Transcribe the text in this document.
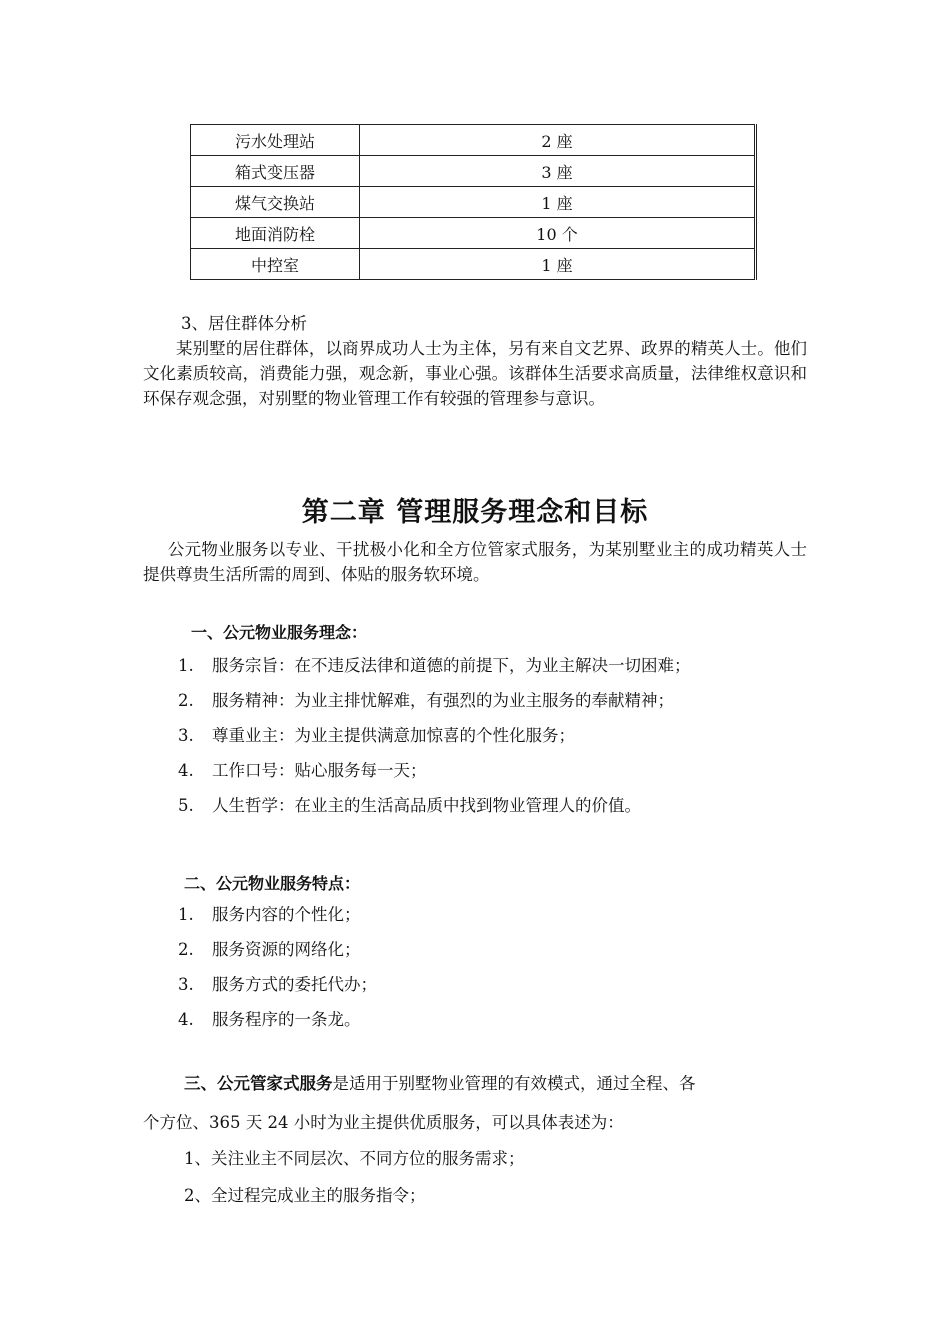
污水处理站	2 座
箱式变压器	3 座
煤气交换站	1 座
地面消防栓	10 个
中控室	1 座

3、居住群体分析

某别墅的居住群体，以商界成功人士为主体，另有来自文艺界、政界的精英人士。他们文化素质较高，消费能力强，观念新，事业心强。该群体生活要求高质量，法律维权意识和环保存观念强，对别墅的物业管理工作有较强的管理参与意识。

第二章 管理服务理念和目标

公元物业服务以专业、干扰极小化和全方位管家式服务，为某别墅业主的成功精英人士提供尊贵生活所需的周到、体贴的服务软环境。

一、公元物业服务理念：

1. 服务宗旨：在不违反法律和道德的前提下，为业主解决一切困难；
2. 服务精神：为业主排忧解难，有强烈的为业主服务的奉献精神；
3. 尊重业主：为业主提供满意加惊喜的个性化服务；
4. 工作口号：贴心服务每一天；
5. 人生哲学：在业主的生活高品质中找到物业管理人的价值。

二、公元物业服务特点：

1. 服务内容的个性化；
2. 服务资源的网络化；
3. 服务方式的委托代办；
4. 服务程序的一条龙。

三、公元管家式服务是适用于别墅物业管理的有效模式，通过全程、各

个方位、365 天 24 小时为业主提供优质服务，可以具体表述为：

1、关注业主不同层次、不同方位的服务需求；

2、全过程完成业主的服务指令；
